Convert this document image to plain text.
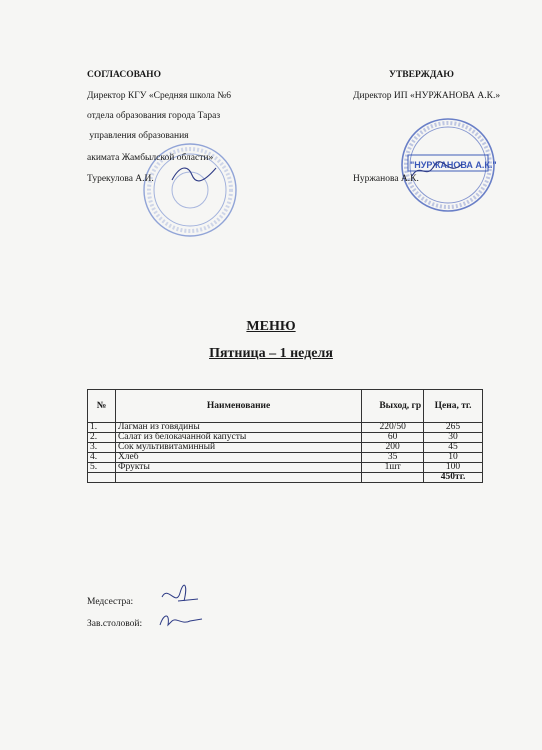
"НУРЖАНОВА А.К."
СОГЛАСОВАНО
Директор КГУ «Средняя школа №6
отдела образования города Тараз
управления образования
акимата Жамбылской области»
Турекулова А.И.
УТВЕРЖДАЮ
Директор ИП «НУРЖАНОВА А.К.»
Нуржанова А.К.
МЕНЮ
Пятница – 1 неделя
№	Наименование	Выход, гр	Цена, тг.
1.	Лагман из говядины	220/50	265
2.	Салат из белокачанной капусты	60	30
3.	Сок мультивитаминный	200	45
4.	Хлеб	35	10
5.	Фрукты	1шт	100
			450тг.
Медсестра:
Зав.столовой:
